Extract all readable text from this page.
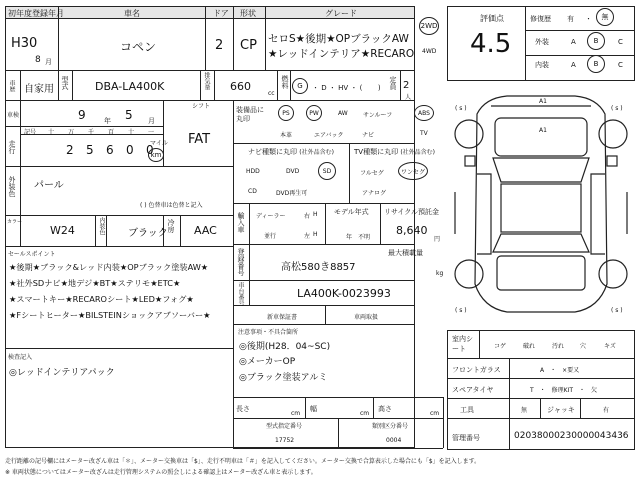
初年度登録年月	車名	ドア 形状	グレード
H30
8 月
コペン	2 CP セロS★後期★OPブラックAW
★レッドインテリア★RECARO
2WD
4WD
車歴 自家用 型式 DBA-LA400K	排気量 660
cc
燃料 G ・ D ・ HV ・ (       ) 定員 2
人
車検	9	年 5 月
シフト
FAT
走行
記号 十 万 千 百 十 一
2 5 6 0 0
マイル
km
外装色 パール
( ) 色替車は色替と記入
カラー
W24	内装色 ブラック
冷房 AAC
セールスポイント
★後期★ブラック&レッド内装★OPブラック塗装AW★
★社外SDナビ★地デジ★BT★ステリモ★ETC★
★スマートキー★RECAROシート★LED★フォグ★
★Fシートヒーター★BILSTEINショックアブソーバー★
検査記入
◎レッドインテリアパック
装備品に丸印
PS	PW	AW	サンルーフ	ABS
本革	エアバック	ナビ	TV
ナビ種類に丸印 (社外品含む)
HDD	DVD	SD
CD	DVD再生可
TV種類に丸印 (社外品含む)
フルセグ	ワンセグ
アナログ
輸入車 ディーラー
並行
右
左
H
H
モデル年式
年　不明
リサイクル預託金
8,640
円
登録番号	高松580き8857
最大積載量
kg
車台番号	LA400K-0023993
新車保証書	車両取扱
注意事項・不具合箇所
◎後期(H28．04~SC)
◎メーカーOP
◎ブラック塗装アルミ
長さ
cm
幅
cm
高さ
cm
型式指定番号
17752
類別区分番号
0004
評価点
4.5
修復歴 有 ・ 無
外装	A	B	C
内装	A	B	C
A1
A1
( s )	( s )
( s )	( s )
室内シート	コゲ	破れ	汚れ	穴	キズ
フロントガラス	A　・　×要又
スペアタイヤ	T　・　修理KIT　・　欠
工具	無	ジャッキ	有
管理番号	02038000230000043436
走行距離の記号欄にはメーター改ざん車は「＊」、メーター交換車は「$」、走行不明車は「＃」を記入してください。メーター交換で合算表示した場合にも「$」を記入します。
※ 車両状態についてはメーター改ざんは走行管理システムの照会しによる確認上はメーター改ざん車と表示します。
